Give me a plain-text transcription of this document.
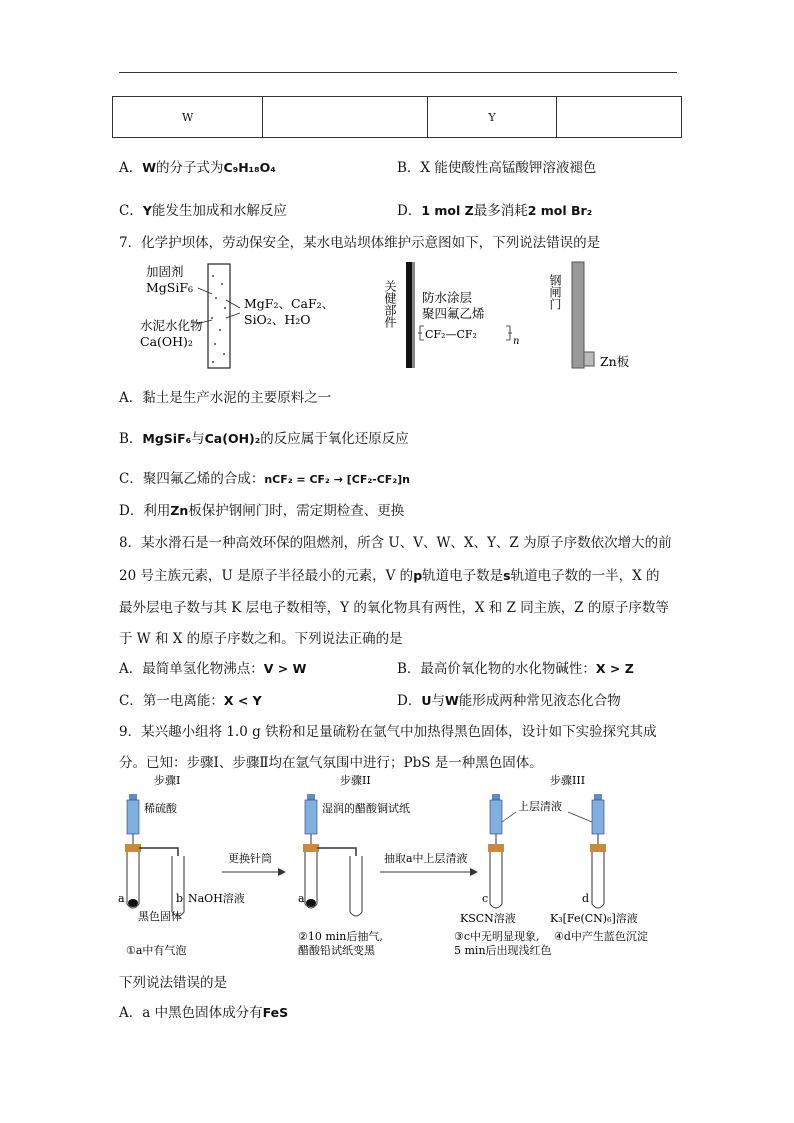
W		Y	
A．W的分子式为C₉H₁₈O₄	B．X 能使酸性高锰酸钾溶液褪色
C．Y能发生加成和水解反应	D．1 mol Z最多消耗2 mol Br₂
7．化学护坝体，劳动保安全，某水电站坝体维护示意图如下，下列说法错误的是
加固剂
MgSiF₆
水泥水化物
Ca(OH)₂
MgF₂、CaF₂、
SiO₂、H₂O	关健部件 防水涂层
聚四氟乙烯
CF₂—CF₂
n
钢闸门
Zn板
A．黏土是生产水泥的主要原料之一
B．MgSiF₆与Ca(OH)₂的反应属于氧化还原反应
C．聚四氟乙烯的合成：nCF₂ = CF₂ → [CF₂-CF₂]n
D．利用Zn板保护钢闸门时，需定期检查、更换
8．某水滑石是一种高效环保的阻燃剂，所含 U、V、W、X、Y、Z 为原子序数依次增大的前
20 号主族元素，U 是原子半径最小的元素，V 的p轨道电子数是s轨道电子数的一半，X 的
最外层电子数与其 K 层电子数相等，Y 的氧化物具有两性，X 和 Z 同主族，Z 的原子序数等
于 W 和 X 的原子序数之和。下列说法正确的是
A．最简单氢化物沸点：V > W	B．最高价氧化物的水化物碱性：X > Z
C．第一电离能：X < Y	D．U与W能形成两种常见液态化合物
9．某兴趣小组将 1.0 g 铁粉和足量硫粉在氩气中加热得黑色固体，设计如下实验探究其成
分。已知：步骤Ⅰ、步骤Ⅱ均在氩气氛围中进行；PbS 是一种黑色固体。
步骤I	步骤II	步骤III
稀硫酸
a	b NaOH溶液
黑色固体
①a中有气泡
更换针筒
湿润的醋酸铜试纸
a
②10 min后抽气,
醋酸铅试纸变黑
抽取a中上层清液
c
KSCN溶液
③c中无明显现象,
5 min后出现浅红色
上层清液
d
K₃[Fe(CN)₆]溶液
④d中产生蓝色沉淀
下列说法错误的是
A．a 中黑色固体成分有FeS
